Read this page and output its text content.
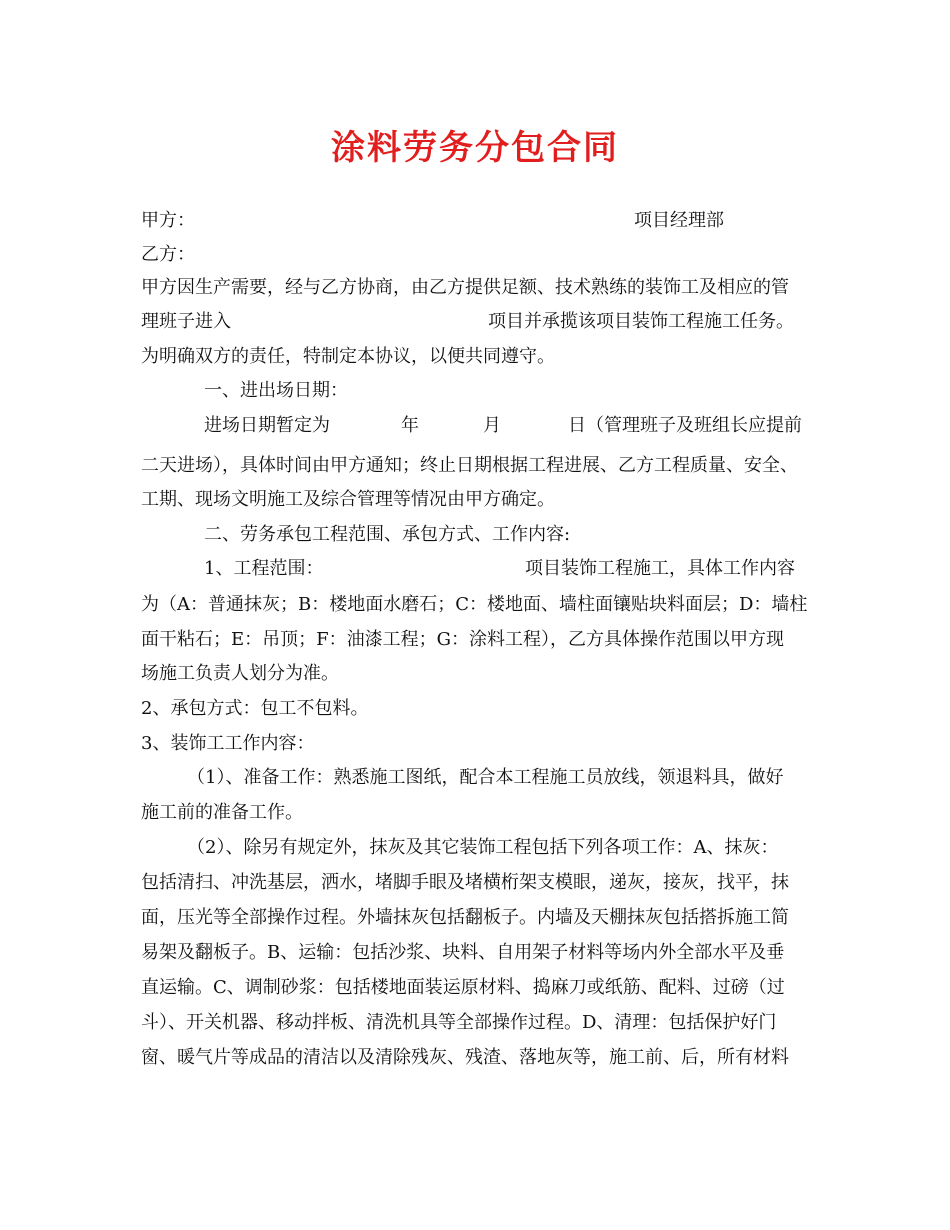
涂料劳务分包合同
甲方：	项目经理部
乙方：
甲方因生产需要，经与乙方协商，由乙方提供足额、技术熟练的装饰工及相应的管
理班子进入	项目并承揽该项目装饰工程施工任务。
为明确双方的责任，特制定本协议，以便共同遵守。
一、进出场日期：
进场日期暂定为	年	月	日（管理班子及班组长应提前
二天进场），具体时间由甲方通知；终止日期根据工程进展、乙方工程质量、安全、
工期、现场文明施工及综合管理等情况由甲方确定。
二、劳务承包工程范围、承包方式、工作内容:
1、工程范围：	项目装饰工程施工，具体工作内容
为（A：普通抹灰；B：楼地面水磨石；C：楼地面、墙柱面镶贴块料面层；D：墙柱
面干粘石；E：吊顶；F：油漆工程；G：涂料工程），乙方具体操作范围以甲方现
场施工负责人划分为准。
2、承包方式：包工不包料。
3、装饰工工作内容：
（1）、准备工作：熟悉施工图纸，配合本工程施工员放线，领退料具，做好
施工前的准备工作。
（2）、除另有规定外，抹灰及其它装饰工程包括下列各项工作：A、抹灰：
包括清扫、冲洗基层，洒水，堵脚手眼及堵横桁架支模眼，递灰，接灰，找平，抹
面，压光等全部操作过程。外墙抹灰包括翻板子。内墙及天棚抹灰包括搭拆施工简
易架及翻板子。B、运输：包括沙浆、块料、自用架子材料等场内外全部水平及垂
直运输。C、调制砂浆：包括楼地面装运原材料、捣麻刀或纸筋、配料、过磅（过
斗）、开关机器、移动拌板、清洗机具等全部操作过程。D、清理：包括保护好门
窗、暖气片等成品的清洁以及清除残灰、残渣、落地灰等，施工前、后，所有材料
